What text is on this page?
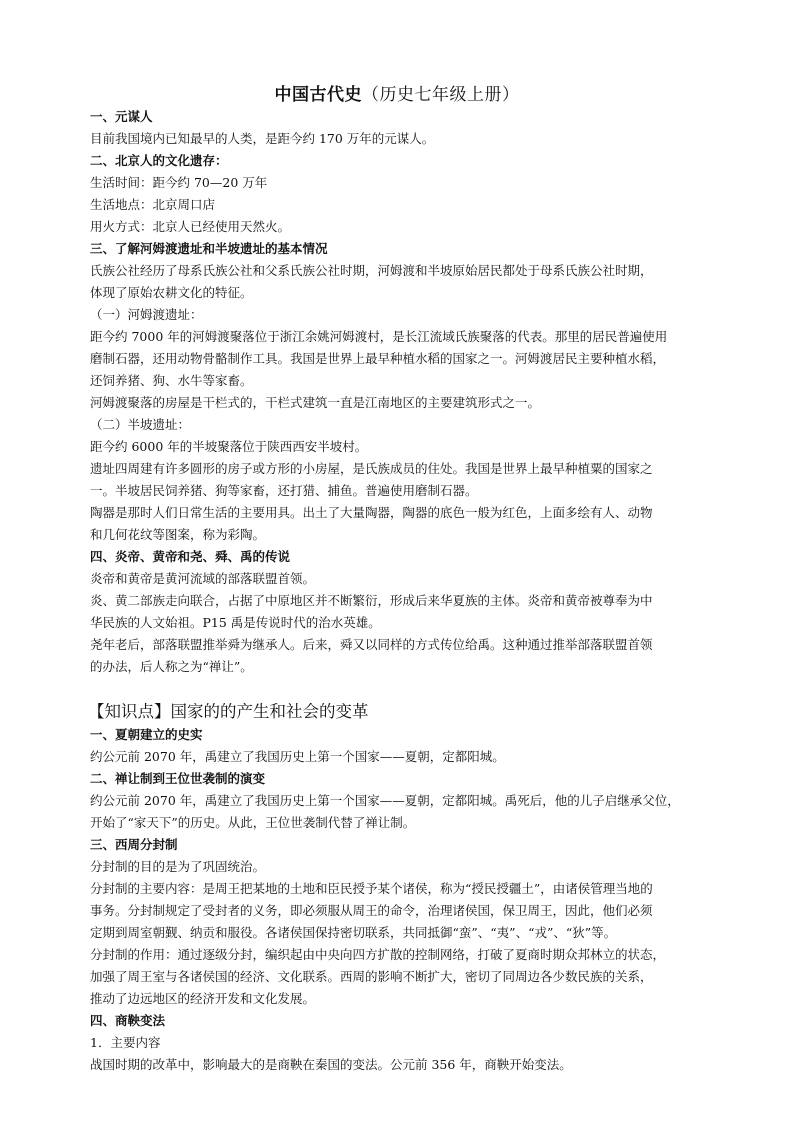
中国古代史（历史七年级上册）
一、元谋人
目前我国境内已知最早的人类，是距今约 170 万年的元谋人。
二、北京人的文化遗存：
生活时间：距今约 70—20 万年
生活地点：北京周口店
用火方式：北京人已经使用天然火。
三、了解河姆渡遗址和半坡遗址的基本情况
氏族公社经历了母系氏族公社和父系氏族公社时期，河姆渡和半坡原始居民都处于母系氏族公社时期，
体现了原始农耕文化的特征。
（一）河姆渡遗址：
距今约 7000 年的河姆渡聚落位于浙江余姚河姆渡村，是长江流域氏族聚落的代表。那里的居民普遍使用
磨制石器，还用动物骨骼制作工具。我国是世界上最早种植水稻的国家之一。河姆渡居民主要种植水稻，
还饲养猪、狗、水牛等家畜。
河姆渡聚落的房屋是干栏式的，干栏式建筑一直是江南地区的主要建筑形式之一。
（二）半坡遗址：
距今约 6000 年的半坡聚落位于陕西西安半坡村。
遗址四周建有许多圆形的房子或方形的小房屋，是氏族成员的住处。我国是世界上最早种植粟的国家之
一。半坡居民饲养猪、狗等家畜，还打猎、捕鱼。普遍使用磨制石器。
陶器是那时人们日常生活的主要用具。出土了大量陶器，陶器的底色一般为红色，上面多绘有人、动物
和几何花纹等图案，称为彩陶。
四、炎帝、黄帝和尧、舜、禹的传说
炎帝和黄帝是黄河流域的部落联盟首领。
炎、黄二部族走向联合，占据了中原地区并不断繁衍，形成后来华夏族的主体。炎帝和黄帝被尊奉为中
华民族的人文始祖。P15 禹是传说时代的治水英雄。
尧年老后，部落联盟推举舜为继承人。后来，舜又以同样的方式传位给禹。这种通过推举部落联盟首领
的办法，后人称之为“禅让”。
【知识点】国家的的产生和社会的变革
一、夏朝建立的史实
约公元前 2070 年，禹建立了我国历史上第一个国家——夏朝，定都阳城。
二、禅让制到王位世袭制的演变
约公元前 2070 年，禹建立了我国历史上第一个国家——夏朝，定都阳城。禹死后，他的儿子启继承父位，
开始了“家天下”的历史。从此，王位世袭制代替了禅让制。
三、西周分封制
分封制的目的是为了巩固统治。
分封制的主要内容：是周王把某地的土地和臣民授予某个诸侯，称为“授民授疆土”，由诸侯管理当地的
事务。分封制规定了受封者的义务，即必须服从周王的命令，治理诸侯国，保卫周王，因此，他们必须
定期到周室朝觐、纳贡和服役。各诸侯国保持密切联系，共同抵御“蛮”、“夷”、“戎”、“狄”等。
分封制的作用：通过逐级分封，编织起由中央向四方扩散的控制网络，打破了夏商时期众邦林立的状态，
加强了周王室与各诸侯国的经济、文化联系。西周的影响不断扩大，密切了同周边各少数民族的关系，
推动了边远地区的经济开发和文化发展。
四、商鞅变法
1．主要内容
战国时期的改革中，影响最大的是商鞅在秦国的变法。公元前 356 年，商鞅开始变法。
